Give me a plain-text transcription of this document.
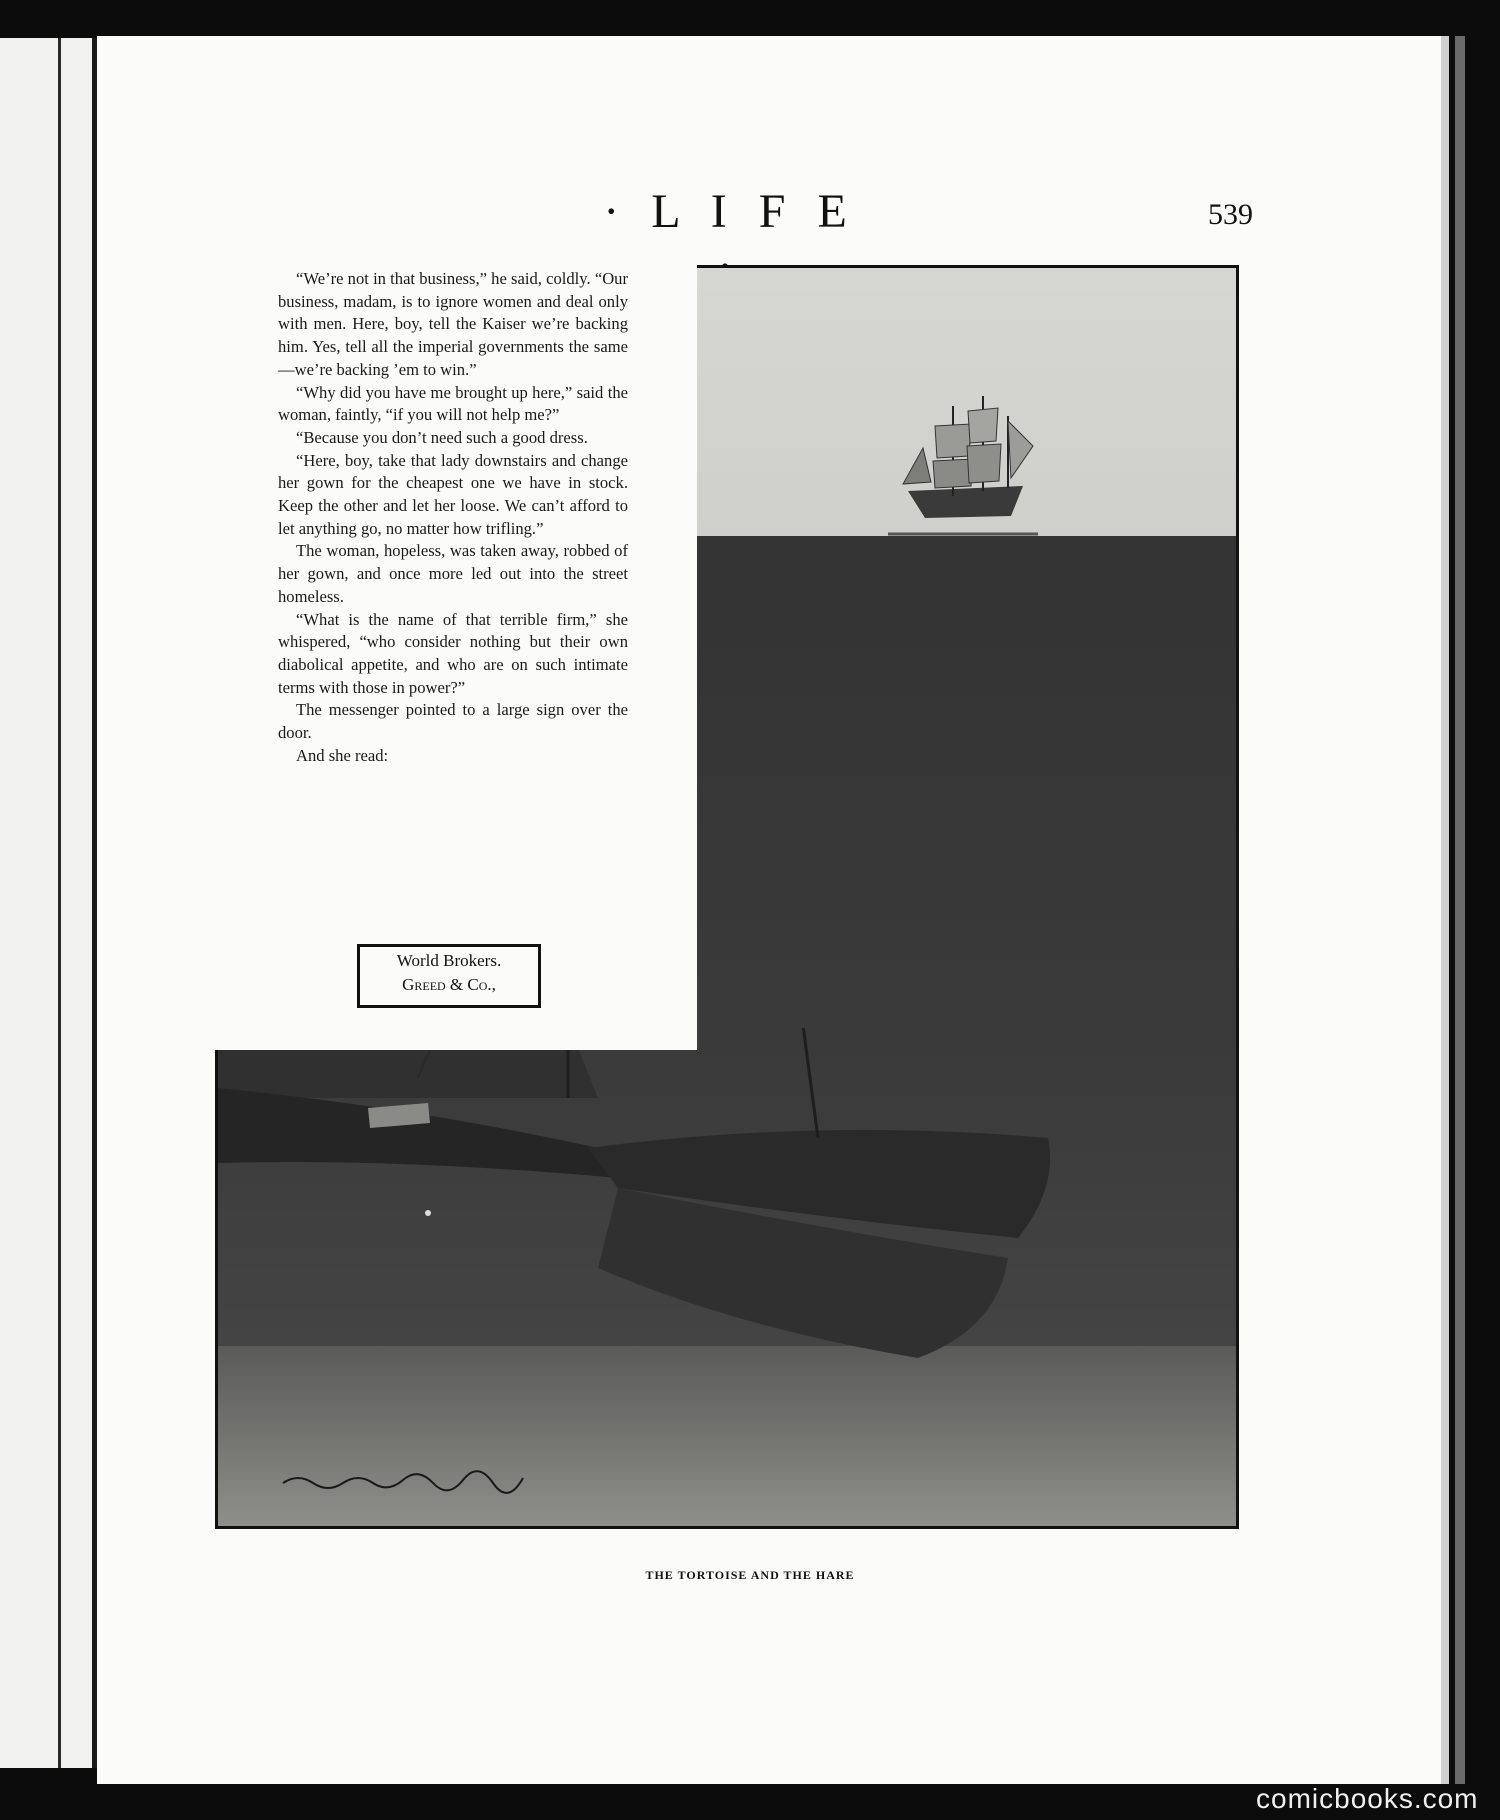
· L I F E	539

“We’re not in that business,” he said, coldly. “Our business, madam, is to ignore women and deal only with men. Here, boy, tell the Kaiser we’re backing him. Yes, tell all the imperial governments the same—we’re backing ’em to win.”

“Why did you have me brought up here,” said the woman, faintly, “if you will not help me?”

“Because you don’t need such a good dress.

“Here, boy, take that lady downstairs and change her gown for the cheapest one we have in stock. Keep the other and let her loose. We can’t afford to let anything go, no matter how trifling.”

The woman, hopeless, was taken away, robbed of her gown, and once more led out into the street homeless.

“What is the name of that terrible firm,” she whispered, “who consider nothing but their own diabolical appetite, and who are on such intimate terms with those in power?”

The messenger pointed to a large sign over the door.

And she read:

World Brokers.
Greed & Co.,
THE TORTOISE AND THE HARE
comicbooks.com
